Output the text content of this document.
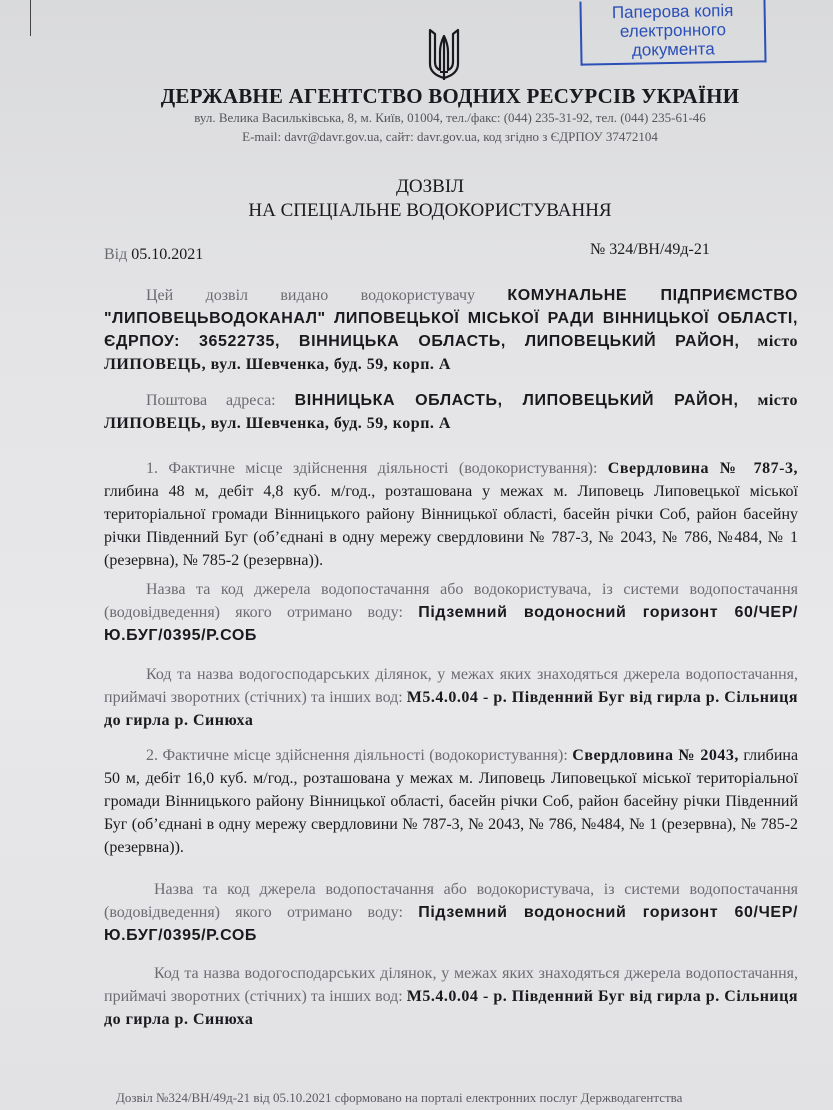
Паперова копія
електронного
документа
ДЕРЖАВНЕ АГЕНТСТВО ВОДНИХ РЕСУРСІВ УКРАЇНИ
вул. Велика Васильківська, 8, м. Київ, 01004, тел./факс: (044) 235-31-92, тел. (044) 235-61-46
E-mail: davr@davr.gov.ua, сайт: davr.gov.ua, код згідно з ЄДРПОУ 37472104
ДОЗВІЛ
НА СПЕЦІАЛЬНЕ ВОДОКОРИСТУВАННЯ
Від 05.10.2021	№ 324/ВН/49д-21
Цей дозвіл видано водокористувачу КОМУНАЛЬНЕ ПІДПРИЄМСТВО "ЛИПОВЕЦЬВОДОКАНАЛ" ЛИПОВЕЦЬКОЇ МІСЬКОЇ РАДИ ВІННИЦЬКОЇ ОБЛАСТІ, ЄДРПОУ: 36522735, ВІННИЦЬКА ОБЛАСТЬ, ЛИПОВЕЦЬКИЙ РАЙОН, місто ЛИПОВЕЦЬ, вул. Шевченка, буд. 59, корп. А
Поштова адреса: ВІННИЦЬКА ОБЛАСТЬ, ЛИПОВЕЦЬКИЙ РАЙОН, місто ЛИПОВЕЦЬ, вул. Шевченка, буд. 59, корп. А
1. Фактичне місце здійснення діяльності (водокористування): Свердловина № 787-3, глибина 48 м, дебіт 4,8 куб. м/год., розташована у межах м. Липовець Липовецької міської територіальної громади Вінницького району Вінницької області, басейн річки Соб, район басейну річки Південний Буг (об’єднані в одну мережу свердловини № 787-3, № 2043, № 786, №484, № 1 (резервна), № 785-2 (резервна)).
Назва та код джерела водопостачання або водокористувача, із системи водопостачання (водовідведення) якого отримано воду: Підземний водоносний горизонт 60/ЧЕР/Ю.БУГ/0395/Р.СОБ
Код та назва водогосподарських ділянок, у межах яких знаходяться джерела водопостачання, приймачі зворотних (стічних) та інших вод: M5.4.0.04 - р. Південний Буг від гирла р. Сільниця до гирла р. Синюха
2. Фактичне місце здійснення діяльності (водокористування): Свердловина № 2043, глибина 50 м, дебіт 16,0 куб. м/год., розташована у межах м. Липовець Липовецької міської територіальної громади Вінницького району Вінницької області, басейн річки Соб, район басейну річки Південний Буг (об’єднані в одну мережу свердловини № 787-3, № 2043, № 786, №484, № 1 (резервна), № 785-2 (резервна)).
Назва та код джерела водопостачання або водокористувача, із системи водопостачання (водовідведення) якого отримано воду: Підземний водоносний горизонт 60/ЧЕР/Ю.БУГ/0395/Р.СОБ
Код та назва водогосподарських ділянок, у межах яких знаходяться джерела водопостачання, приймачі зворотних (стічних) та інших вод: M5.4.0.04 - р. Південний Буг від гирла р. Сільниця до гирла р. Синюха
Дозвіл №324/ВН/49д-21 від 05.10.2021 сформовано на порталі електронних послуг Держводагентства
